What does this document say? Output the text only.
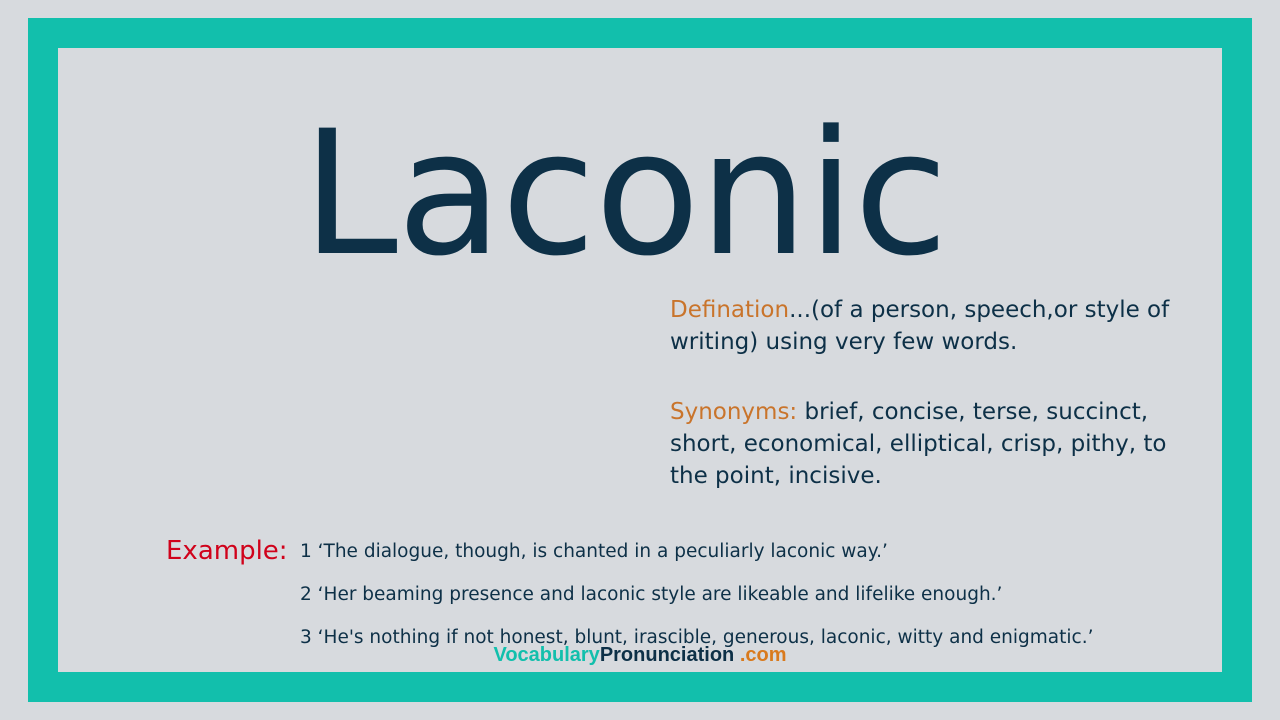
Laconic
Defination...(of a person, speech,or style of writing) using very few words.
Synonyms: brief, concise, terse, succinct, short, economical, elliptical, crisp, pithy, to the point, incisive.
Example: 1 ‘The dialogue, though, is chanted in a peculiarly laconic way.’
2 ‘Her beaming presence and laconic style are likeable and lifelike enough.’
3 ‘He's nothing if not honest, blunt, irascible, generous, laconic, witty and enigmatic.’
VocabularyPronunciation .com
